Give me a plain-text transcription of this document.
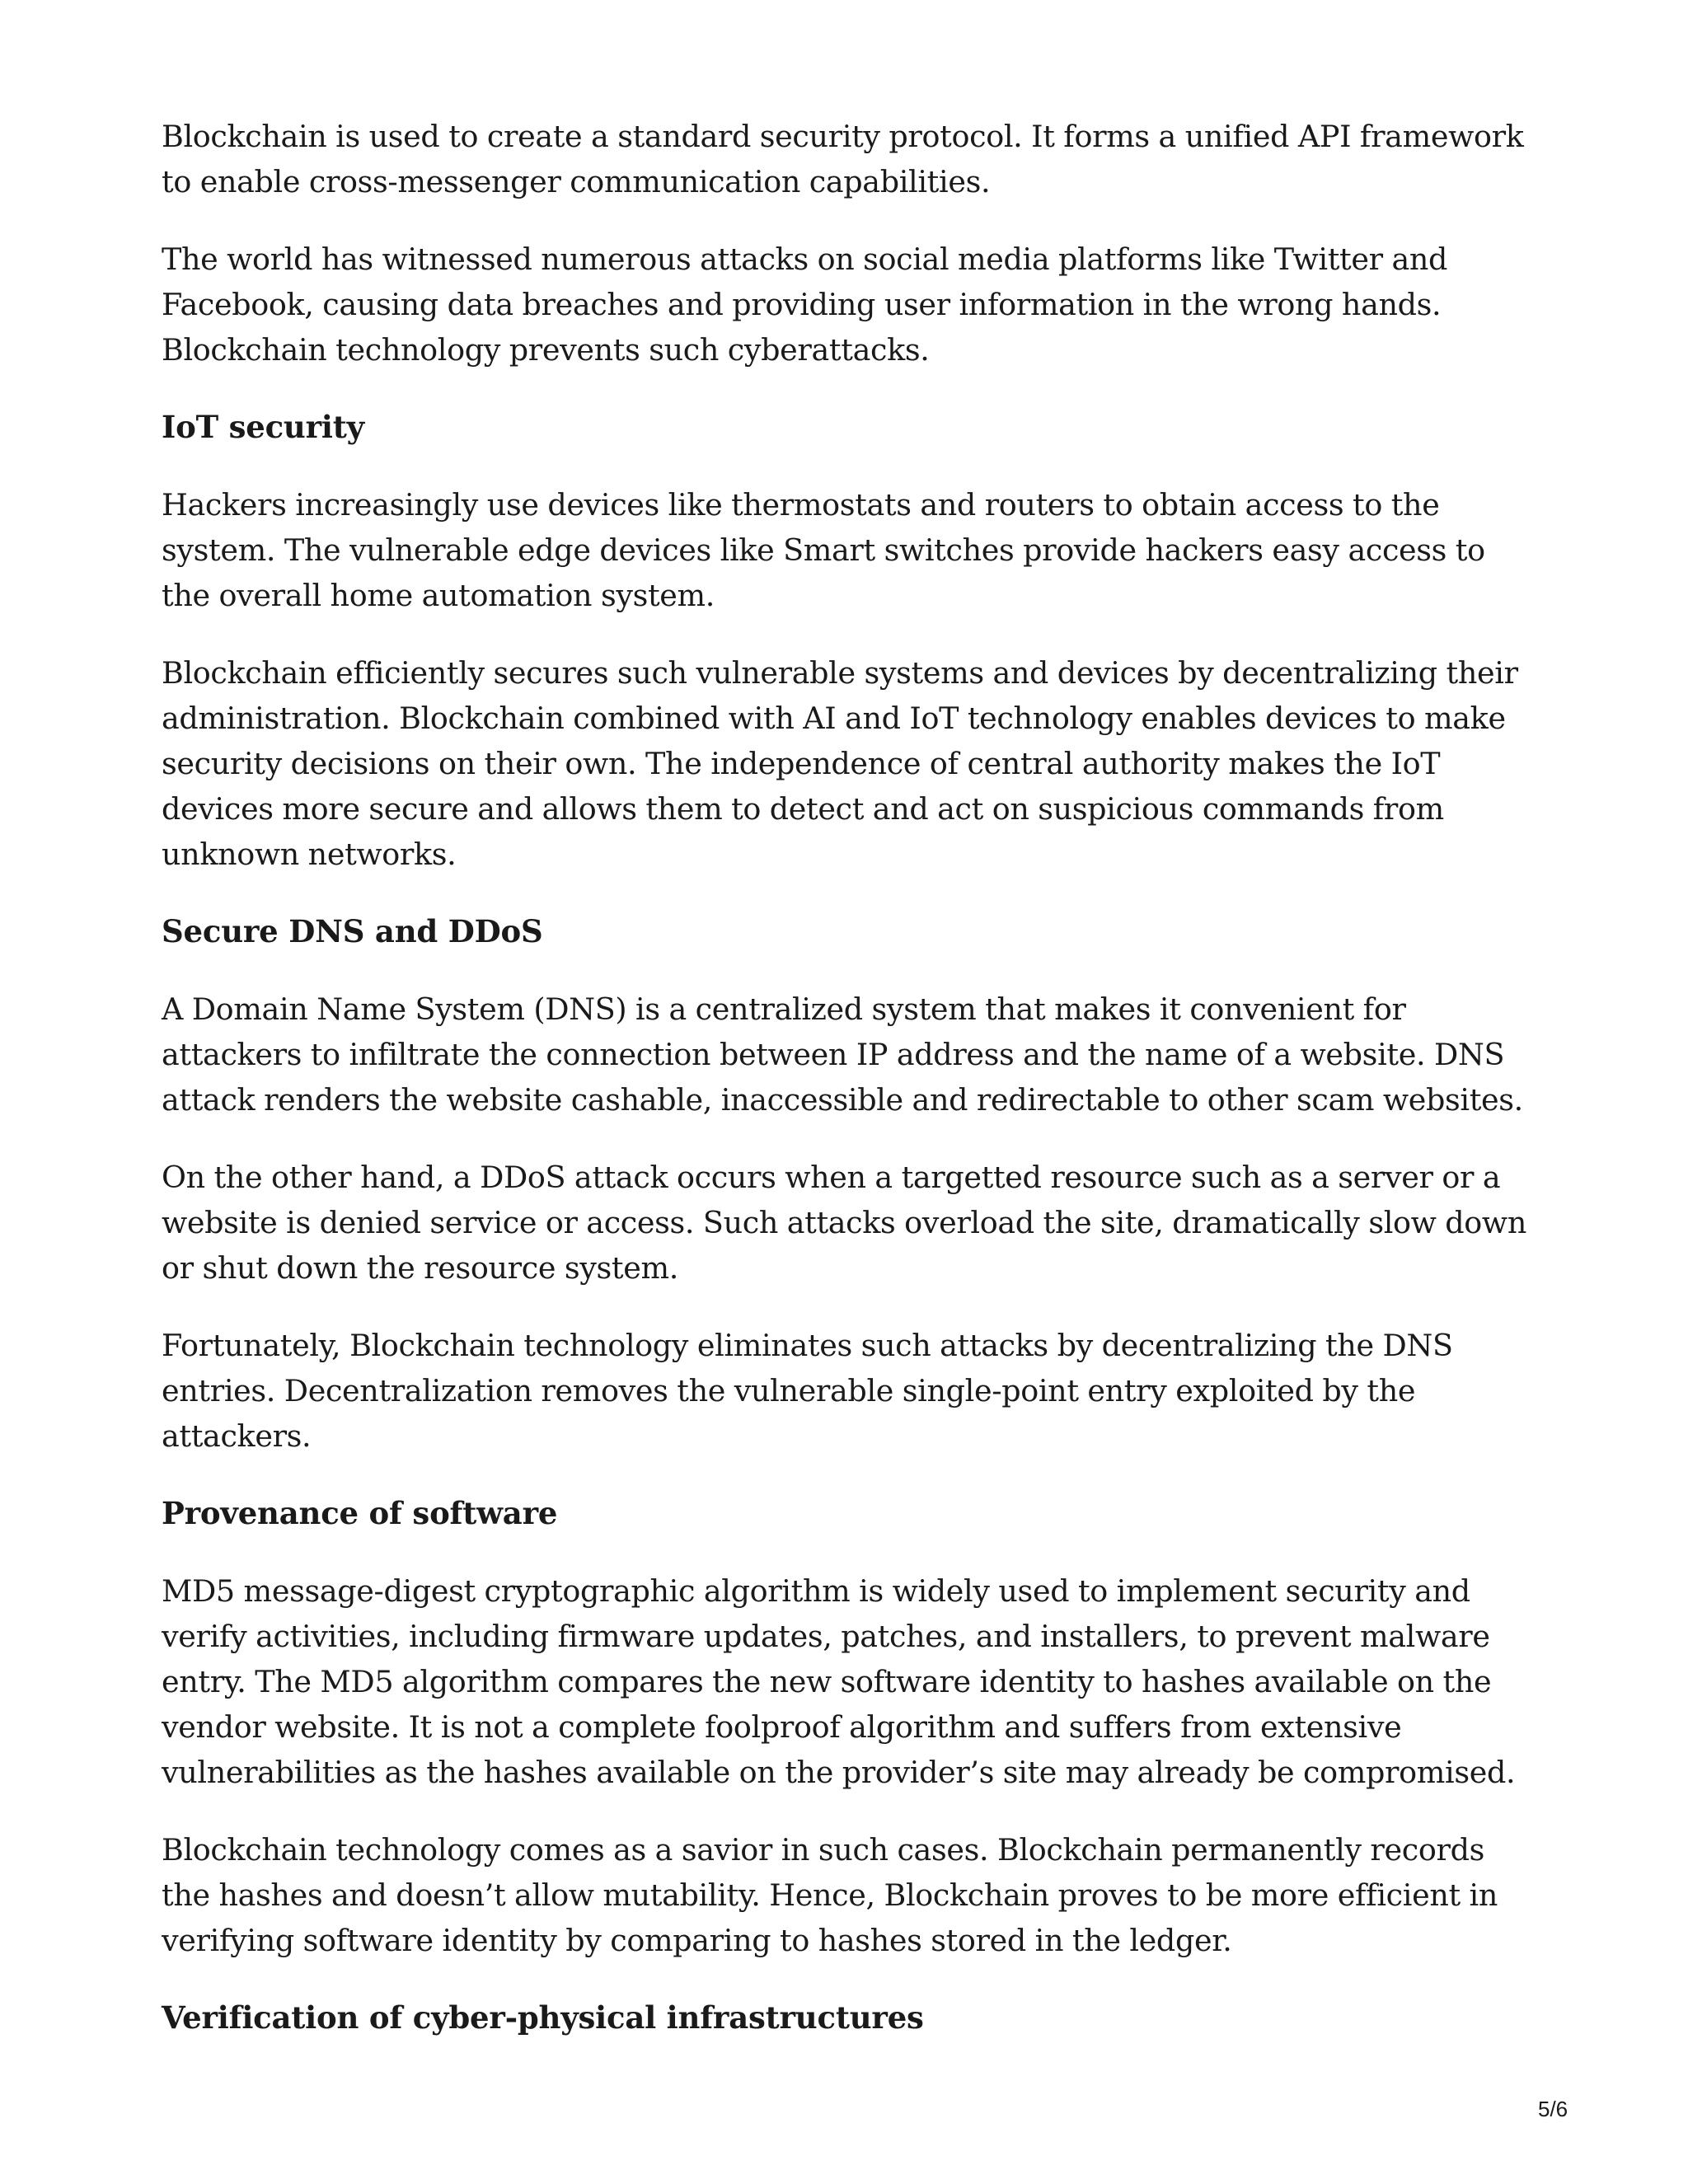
Blockchain is used to create a standard security protocol. It forms a unified API framework to enable cross-messenger communication capabilities.

The world has witnessed numerous attacks on social media platforms like Twitter and Facebook, causing data breaches and providing user information in the wrong hands. Blockchain technology prevents such cyberattacks.

IoT security

Hackers increasingly use devices like thermostats and routers to obtain access to the system. The vulnerable edge devices like Smart switches provide hackers easy access to the overall home automation system.

Blockchain efficiently secures such vulnerable systems and devices by decentralizing their administration. Blockchain combined with AI and IoT technology enables devices to make security decisions on their own. The independence of central authority makes the IoT devices more secure and allows them to detect and act on suspicious commands from unknown networks.

Secure DNS and DDoS

A Domain Name System (DNS) is a centralized system that makes it convenient for attackers to infiltrate the connection between IP address and the name of a website. DNS attack renders the website cashable, inaccessible and redirectable to other scam websites.

On the other hand, a DDoS attack occurs when a targetted resource such as a server or a website is denied service or access. Such attacks overload the site, dramatically slow down or shut down the resource system.

Fortunately, Blockchain technology eliminates such attacks by decentralizing the DNS entries. Decentralization removes the vulnerable single-point entry exploited by the attackers.

Provenance of software

MD5 message-digest cryptographic algorithm is widely used to implement security and verify activities, including firmware updates, patches, and installers, to prevent malware entry. The MD5 algorithm compares the new software identity to hashes available on the vendor website. It is not a complete foolproof algorithm and suffers from extensive vulnerabilities as the hashes available on the provider’s site may already be compromised.

Blockchain technology comes as a savior in such cases. Blockchain permanently records the hashes and doesn’t allow mutability. Hence, Blockchain proves to be more efficient in verifying software identity by comparing to hashes stored in the ledger.

Verification of cyber-physical infrastructures
5/6
